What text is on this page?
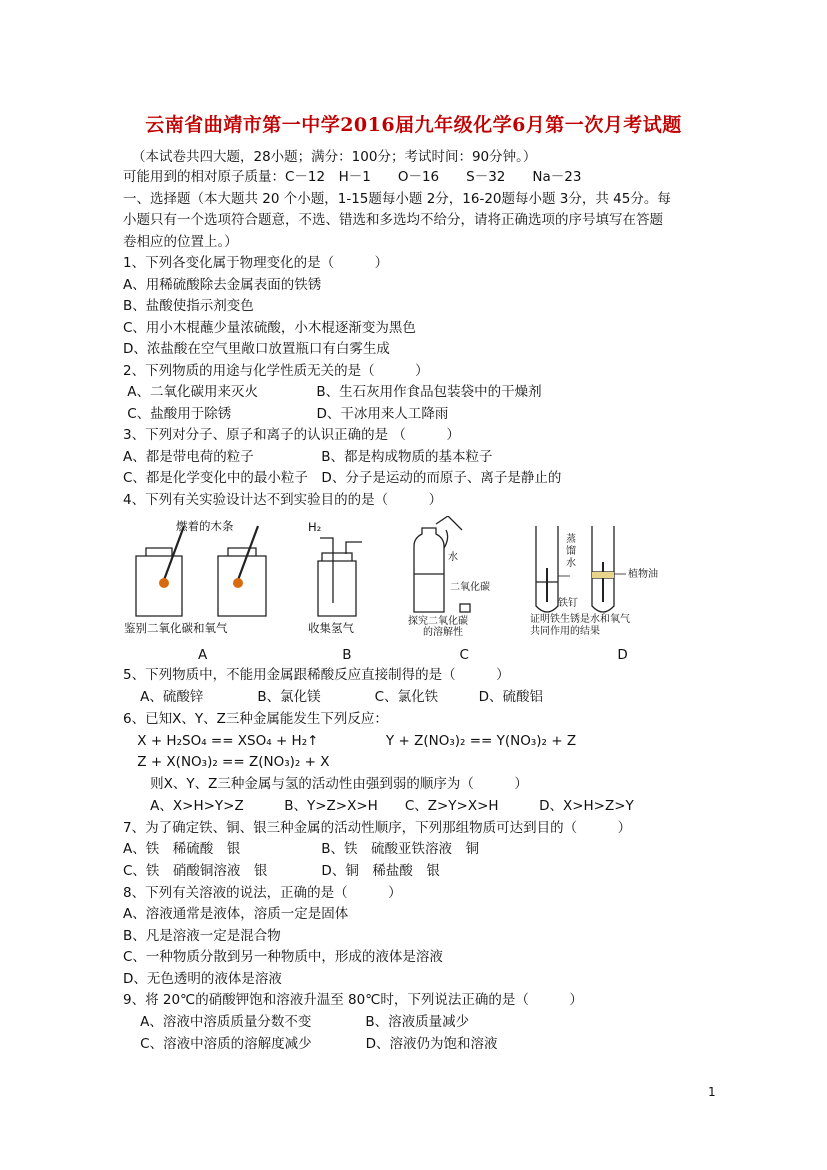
云南省曲靖市第一中学2016届九年级化学6月第一次月考试题
（本试卷共四大题，28小题；满分：100分；考试时间：90分钟。）
可能用到的相对原子质量：C－12　H－1　　O－16　　S－32　　Na－23
一、选择题（本大题共 20 个小题，1-15题每小题 2分，16-20题每小题 3分，共 45分。每
小题只有一个选项符合题意，不选、错选和多选均不给分，请将正确选项的序号填写在答题
卷相应的位置上。）
1、下列各变化属于物理变化的是（　　　）
A、用稀硫酸除去金属表面的铁锈
B、盐酸使指示剂变色
C、用小木棍蘸少量浓硫酸，小木棍逐渐变为黑色
D、浓盐酸在空气里敞口放置瓶口有白雾生成
2、下列物质的用途与化学性质无关的是（　　　）
A、二氧化碳用来灭火　　　　 B、生石灰用作食品包装袋中的干燥剂
C、盐酸用于除锈　　　　　　 D、干冰用来人工降雨
3、下列对分子、原子和离子的认识正确的是 （　　　）
A、都是带电荷的粒子　　　　　B、都是构成物质的基本粒子
C、都是化学变化中的最小粒子　D、分子是运动的而原子、离子是静止的
4、下列有关实验设计达不到实验目的的是（　　　）
燃着的木条
鉴别二氧化碳和氧气
H₂
收集氢气
水
二氧化碳
探究二氧化碳
的溶解性
蒸
馏
水
植物油
铁钉
证明铁生锈是水和氧气
共同作用的结果
A　　　　　　　　　　B　　　　　　　　C　　　　　　　　　　　D
5、下列物质中，不能用金属跟稀酸反应直接制得的是（　　　）
A、硫酸锌　　　　B、氯化镁　　　　C、氯化铁　　　D、硫酸铝
6、已知X、Y、Z三种金属能发生下列反应：
X + H₂SO₄ == XSO₄ + H₂↑　　　　　Y + Z(NO₃)₂ == Y(NO₃)₂ + Z
Z + X(NO₃)₂ == Z(NO₃)₂ + X
则X、Y、Z三种金属与氢的活动性由强到弱的顺序为（　　　）
A、X>H>Y>Z　　　B、Y>Z>X>H　　C、Z>Y>X>H　　　D、X>H>Z>Y
7、为了确定铁、铜、银三种金属的活动性顺序，下列那组物质可达到目的（　　　）
A、铁　稀硫酸　银　　　　　　B、铁　硫酸亚铁溶液　铜
C、铁　硝酸铜溶液　银　　　　D、铜　稀盐酸　银
8、下列有关溶液的说法，正确的是（　　　）
A、溶液通常是液体，溶质一定是固体
B、凡是溶液一定是混合物
C、一种物质分散到另一种物质中，形成的液体是溶液
D、无色透明的液体是溶液
9、将 20℃的硝酸钾饱和溶液升温至 80℃时，下列说法正确的是（　　　）
A、溶液中溶质质量分数不变　　　　B、溶液质量减少
C、溶液中溶质的溶解度减少　　　　D、溶液仍为饱和溶液
1
